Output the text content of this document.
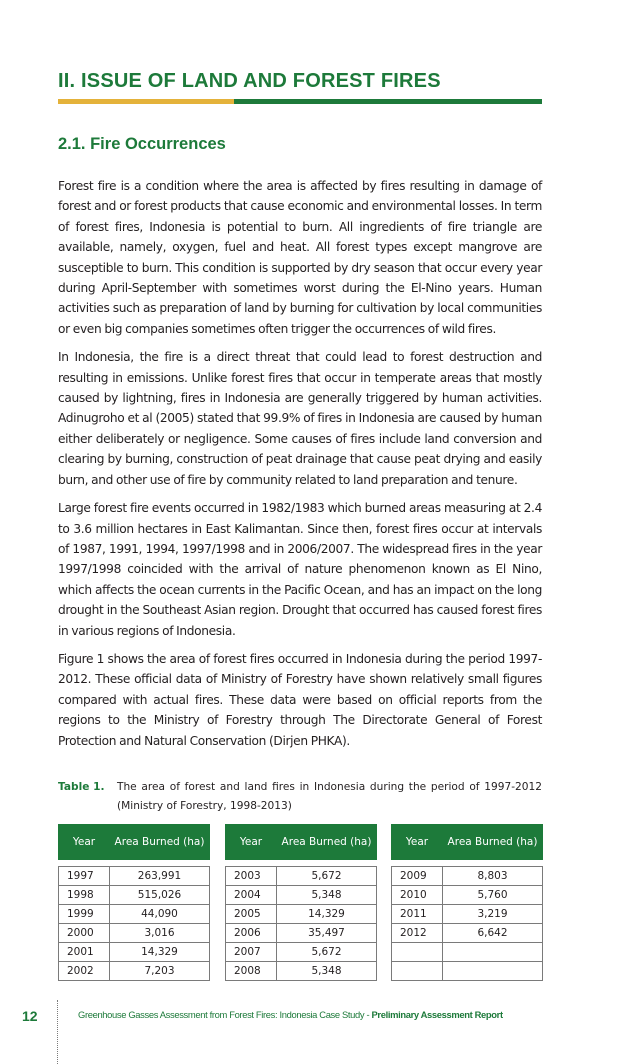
II. ISSUE OF LAND AND FOREST FIRES
2.1. Fire Occurrences

Forest fire is a condition where the area is affected by fires resulting in damage of forest and or forest products that cause economic and environmental losses. In term of forest fires, Indonesia is potential to burn. All ingredients of fire triangle are available, namely, oxygen, fuel and heat. All forest types except mangrove are susceptible to burn. This condition is supported by dry season that occur every year during April-September with sometimes worst during the El-Nino years. Human activities such as preparation of land by burning for cultivation by local communities or even big companies sometimes often trigger the occurrences of wild fires.

In Indonesia, the fire is a direct threat that could lead to forest destruction and resulting in emissions. Unlike forest fires that occur in temperate areas that mostly caused by lightning, fires in Indonesia are generally triggered by human activities. Adinugroho et al (2005) stated that 99.9% of fires in Indonesia are caused by human either deliberately or negligence. Some causes of fires include land conversion and clearing by burning, construction of peat drainage that cause peat drying and easily burn, and other use of fire by community related to land preparation and tenure.

Large forest fire events occurred in 1982/1983 which burned areas measuring at 2.4 to 3.6 million hectares in East Kalimantan. Since then, forest fires occur at intervals of 1987, 1991, 1994, 1997/1998 and in 2006/2007. The widespread fires in the year 1997/1998 coincided with the arrival of nature phenomenon known as El Nino, which affects the ocean currents in the Pacific Ocean, and has an impact on the long drought in the Southeast Asian region. Drought that occurred has caused forest fires in various regions of Indonesia.

Figure 1 shows the area of forest fires occurred in Indonesia during the period 1997-2012. These official data of Ministry of Forestry have shown relatively small figures compared with actual fires. These data were based on official reports from the regions to the Ministry of Forestry through The Directorate General of Forest Protection and Natural Conservation (Dirjen PHKA).

Table 1. The area of forest and land fires in Indonesia during the period of 1997-2012 (Ministry of Forestry, 1998-2013)
Year	Area Burned (ha)

1997	263,991
1998	515,026
1999	44,090
2000	3,016
2001	14,329
2002	7,203
Year	Area Burned (ha)

2003	5,672
2004	5,348
2005	14,329
2006	35,497
2007	5,672
2008	5,348
Year	Area Burned (ha)

2009	8,803
2010	5,760
2011	3,219
2012	6,642

12	Greenhouse Gasses Assessment from Forest Fires: Indonesia Case Study - Preliminary Assessment Report
